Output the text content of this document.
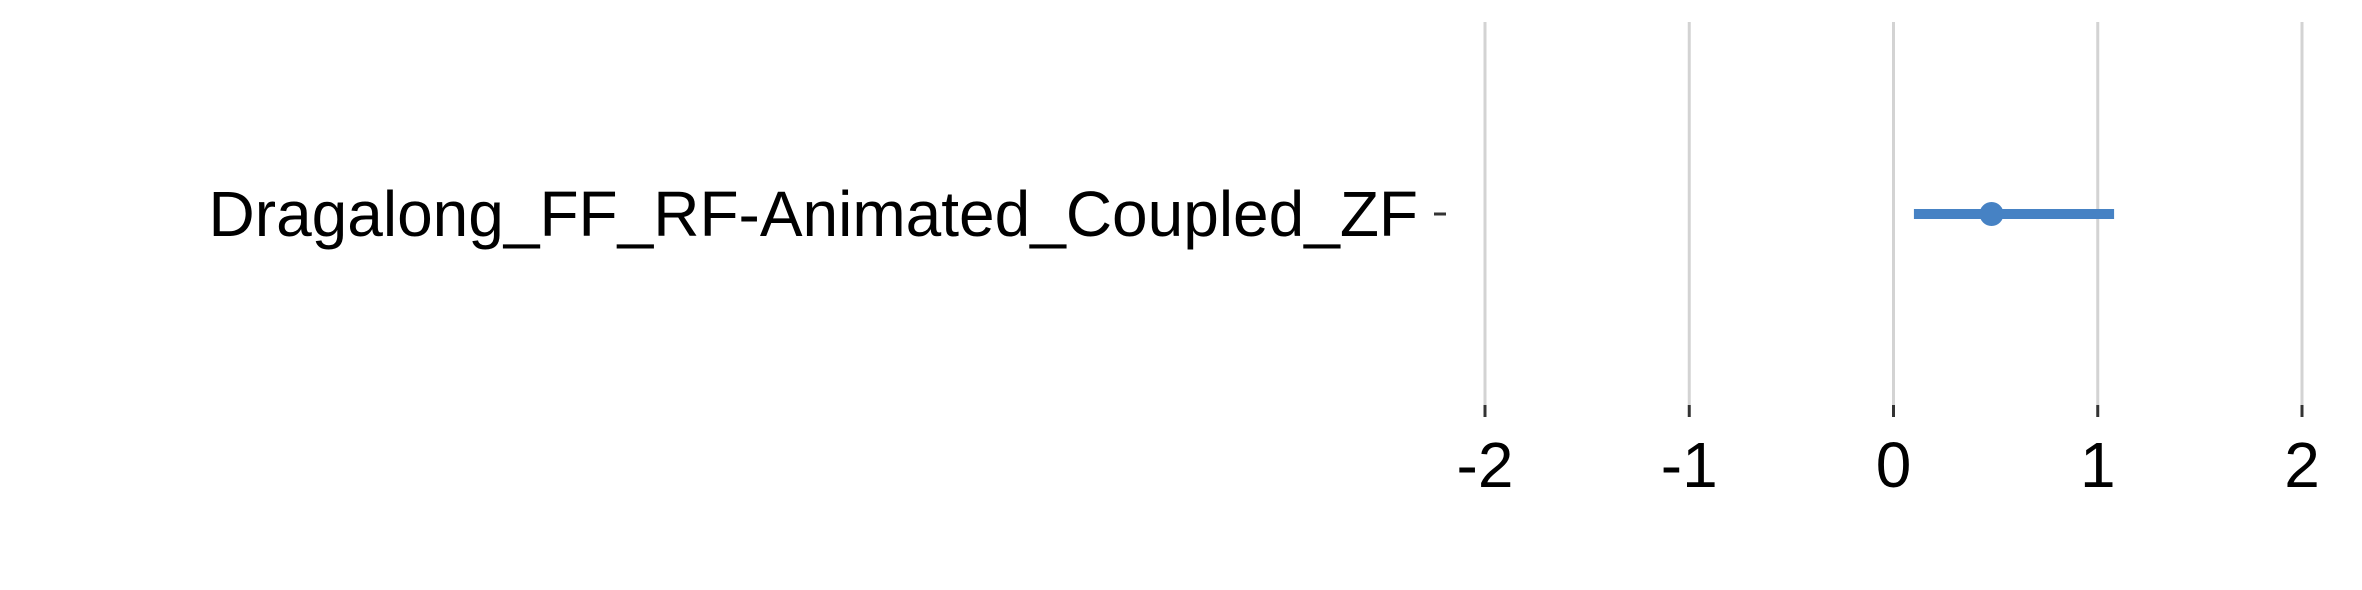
-2 -1 0	1	2
Dragalong_FF_RF-Animated_Coupled_ZF
